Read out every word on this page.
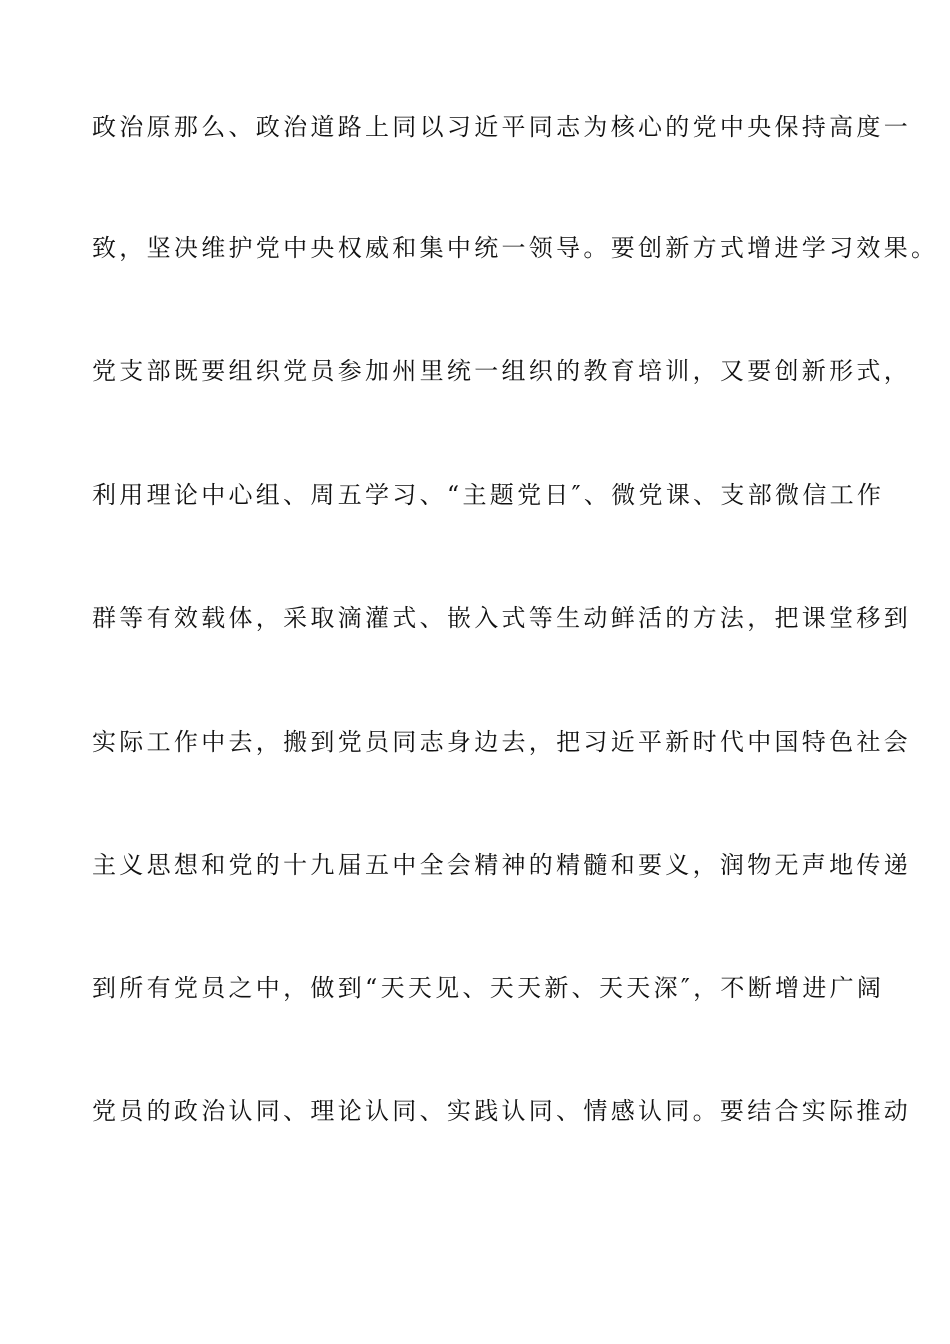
政治原那么、政治道路上同以习近平同志为核心的党中央保持高度一
致，坚决维护党中央权威和集中统一领导。要创新方式增进学习效果。
党支部既要组织党员参加州里统一组织的教育培训，又要创新形式，
利用理论中心组、周五学习、“主题党日″、微党课、支部微信工作
群等有效载体，采取滴灌式、嵌入式等生动鲜活的方法，把课堂移到
实际工作中去，搬到党员同志身边去，把习近平新时代中国特色社会
主义思想和党的十九届五中全会精神的精髓和要义，润物无声地传递
到所有党员之中，做到“天天见、天天新、天天深″，不断增进广阔
党员的政治认同、理论认同、实践认同、情感认同。要结合实际推动
